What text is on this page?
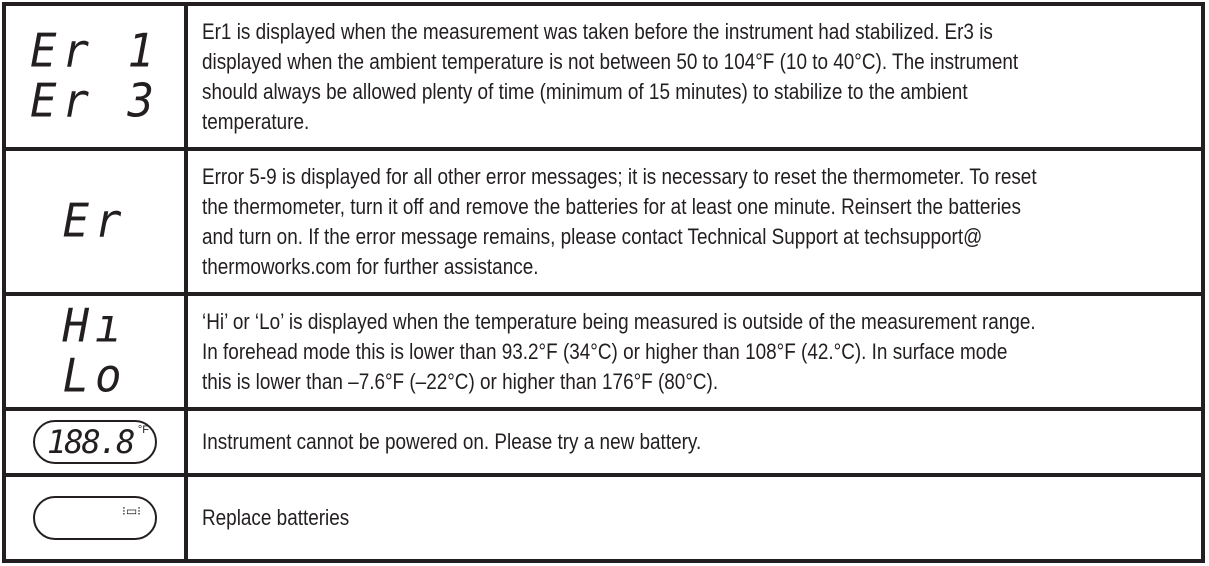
Er 1
Er 3	Er1 is displayed when the measurement was taken before the instrument had stabilized. Er3 is
displayed when the ambient temperature is not between 50 to 104°F (10 to 40°C). The instrument
should always be allowed plenty of time (minimum of 15 minutes) to stabilize to the ambient
temperature.

Er	Error 5-9 is displayed for all other error messages; it is necessary to reset the thermometer. To reset
the thermometer, turn it off and remove the batteries for at least one minute. Reinsert the batteries
and turn on. If the error message remains, please contact Technical Support at techsupport@
thermoworks.com for further assistance.

Hı
Lo	‘Hi’ or ‘Lo’ is displayed when the temperature being measured is outside of the measurement range.
In forehead mode this is lower than 93.2°F (34°C) or higher than 108°F (42.°C). In surface mode
this is lower than –7.6°F (–22°C) or higher than 176°F (80°C).

188.8 °F	Instrument cannot be powered on. Please try a new battery.

⁝▭⁝	Replace batteries
